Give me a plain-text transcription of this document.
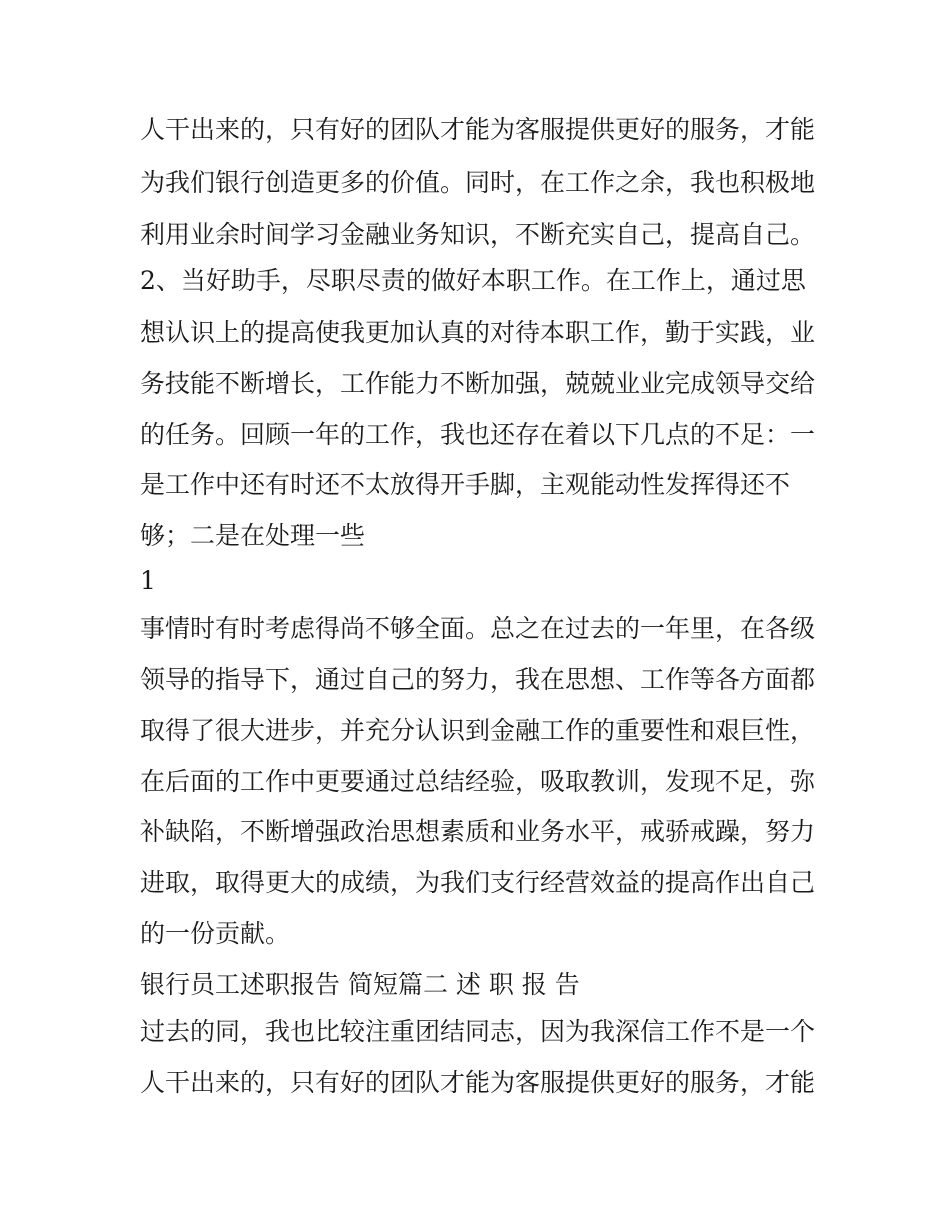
人干出来的，只有好的团队才能为客服提供更好的服务，才能
为我们银行创造更多的价值。同时，在工作之余，我也积极地
利用业余时间学习金融业务知识，不断充实自己，提高自己。
2、当好助手，尽职尽责的做好本职工作。在工作上，通过思
想认识上的提高使我更加认真的对待本职工作，勤于实践，业
务技能不断增长，工作能力不断加强，兢兢业业完成领导交给
的任务。回顾一年的工作，我也还存在着以下几点的不足：一
是工作中还有时还不太放得开手脚，主观能动性发挥得还不
够；二是在处理一些
1
事情时有时考虑得尚不够全面。总之在过去的一年里，在各级
领导的指导下，通过自己的努力，我在思想、工作等各方面都
取得了很大进步，并充分认识到金融工作的重要性和艰巨性，
在后面的工作中更要通过总结经验，吸取教训，发现不足，弥
补缺陷，不断增强政治思想素质和业务水平，戒骄戒躁，努力
进取，取得更大的成绩，为我们支行经营效益的提高作出自己
的一份贡献。
银行员工述职报告 简短篇二 述 职 报 告
过去的同，我也比较注重团结同志，因为我深信工作不是一个
人干出来的，只有好的团队才能为客服提供更好的服务，才能
